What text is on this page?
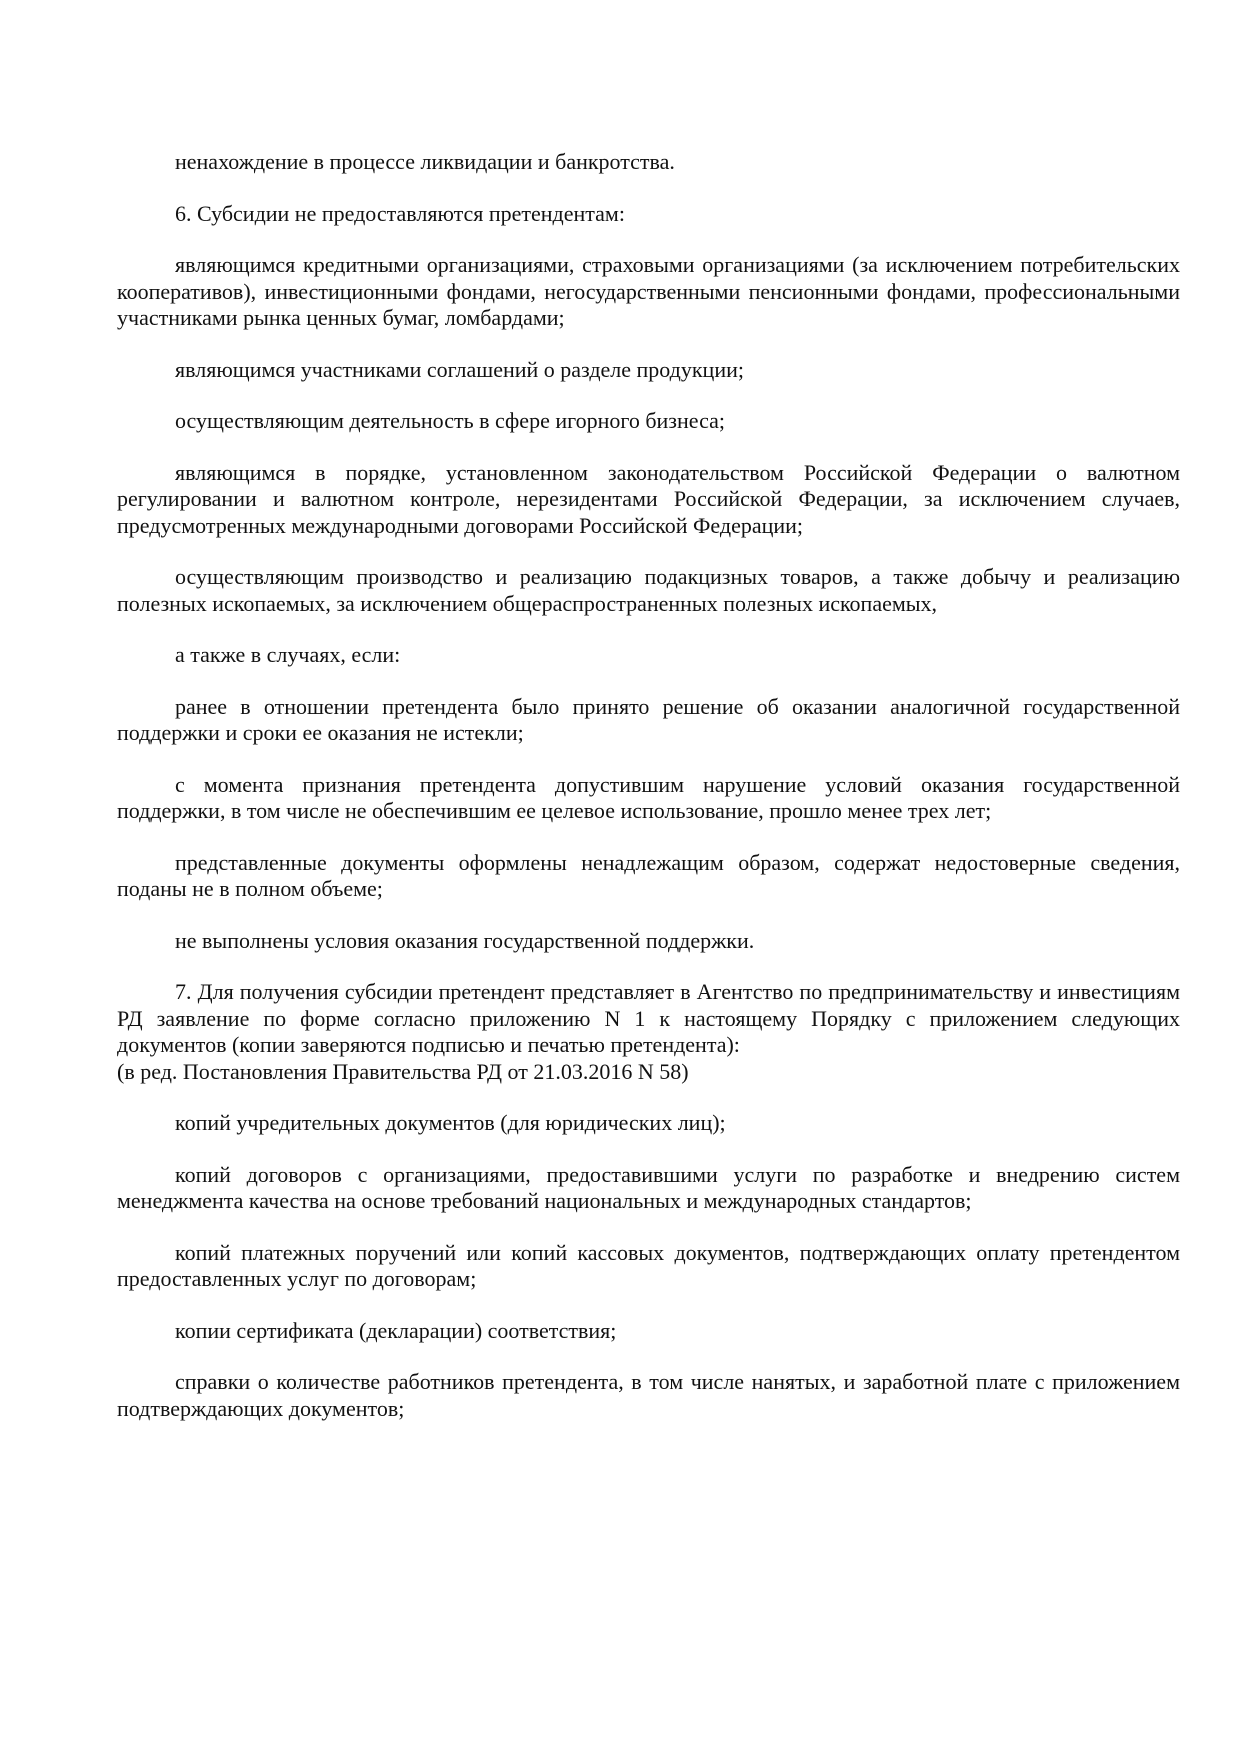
ненахождение в процессе ликвидации и банкротства.

6. Субсидии не предоставляются претендентам:

являющимся кредитными организациями, страховыми организациями (за исключением потребительских кооперативов), инвестиционными фондами, негосударственными пенсионными фондами, профессиональными участниками рынка ценных бумаг, ломбардами;

являющимся участниками соглашений о разделе продукции;

осуществляющим деятельность в сфере игорного бизнеса;

являющимся в порядке, установленном законодательством Российской Федерации о валютном регулировании и валютном контроле, нерезидентами Российской Федерации, за исключением случаев, предусмотренных международными договорами Российской Федерации;

осуществляющим производство и реализацию подакцизных товаров, а также добычу и реализацию полезных ископаемых, за исключением общераспространенных полезных ископаемых,

а также в случаях, если:

ранее в отношении претендента было принято решение об оказании аналогичной государственной поддержки и сроки ее оказания не истекли;

с момента признания претендента допустившим нарушение условий оказания государственной поддержки, в том числе не обеспечившим ее целевое использование, прошло менее трех лет;

представленные документы оформлены ненадлежащим образом, содержат недостоверные сведения, поданы не в полном объеме;

не выполнены условия оказания государственной поддержки.

7. Для получения субсидии претендент представляет в Агентство по предпринимательству и инвестициям РД заявление по форме согласно приложению N 1 к настоящему Порядку с приложением следующих документов (копии заверяются подписью и печатью претендента):
(в ред. Постановления Правительства РД от 21.03.2016 N 58)

копий учредительных документов (для юридических лиц);

копий договоров с организациями, предоставившими услуги по разработке и внедрению систем менеджмента качества на основе требований национальных и международных стандартов;

копий платежных поручений или копий кассовых документов, подтверждающих оплату претендентом предоставленных услуг по договорам;

копии сертификата (декларации) соответствия;

справки о количестве работников претендента, в том числе нанятых, и заработной плате с приложением подтверждающих документов;
